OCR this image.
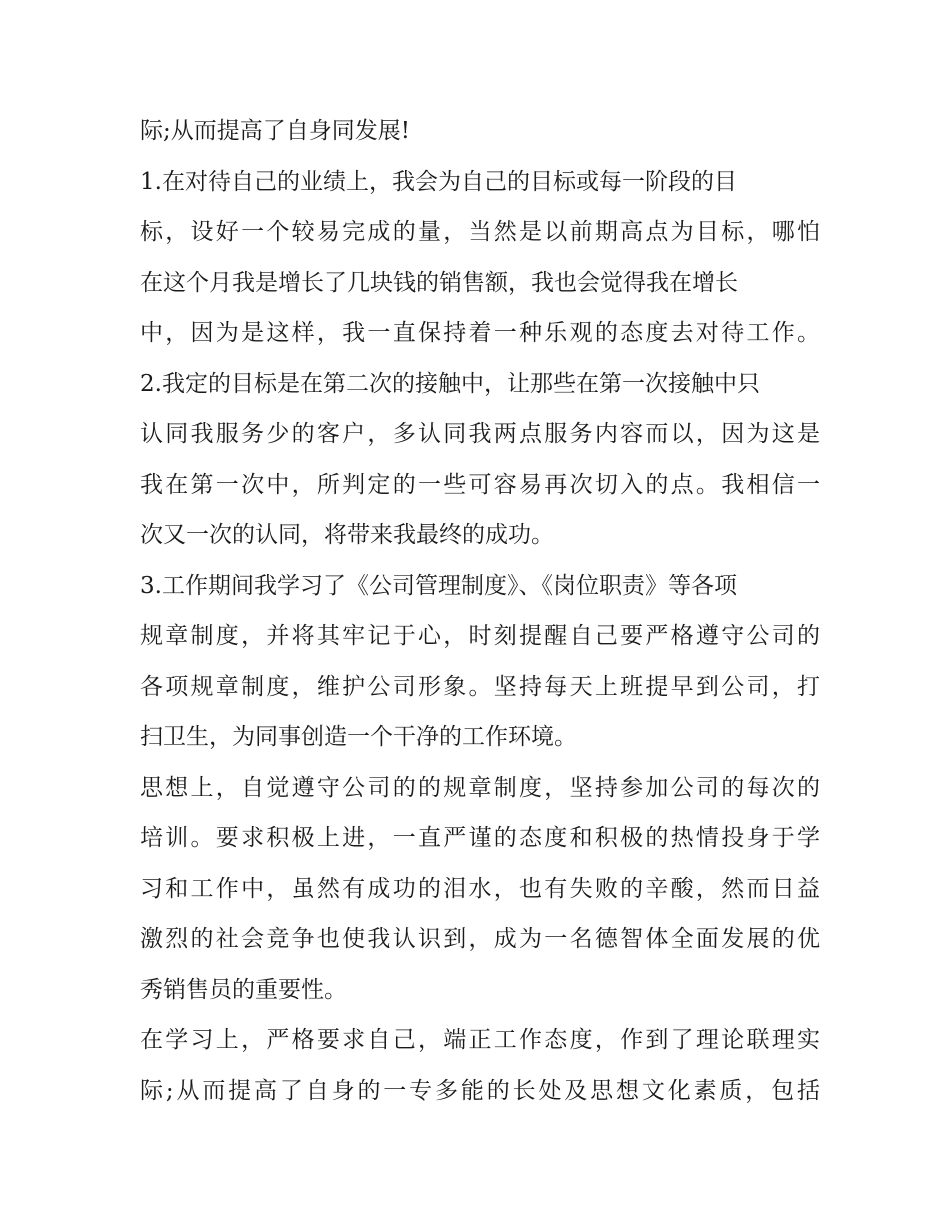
际;从而提高了自身同发展!
1.在对待自己的业绩上，我会为自己的目标或每一阶段的目
标，设好一个较易完成的量，当然是以前期高点为目标，哪怕
在这个月我是增长了几块钱的销售额，我也会觉得我在增长
中，因为是这样，我一直保持着一种乐观的态度去对待工作。
2.我定的目标是在第二次的接触中，让那些在第一次接触中只
认同我服务少的客户，多认同我两点服务内容而以，因为这是
我在第一次中，所判定的一些可容易再次切入的点。我相信一
次又一次的认同，将带来我最终的成功。
3.工作期间我学习了《公司管理制度》、《岗位职责》等各项
规章制度，并将其牢记于心，时刻提醒自己要严格遵守公司的
各项规章制度，维护公司形象。坚持每天上班提早到公司，打
扫卫生，为同事创造一个干净的工作环境。
思想上，自觉遵守公司的的规章制度，坚持参加公司的每次的
培训。要求积极上进，一直严谨的态度和积极的热情投身于学
习和工作中，虽然有成功的泪水，也有失败的辛酸，然而日益
激烈的社会竞争也使我认识到，成为一名德智体全面发展的优
秀销售员的重要性。
在学习上，严格要求自己，端正工作态度，作到了理论联理实
际;从而提高了自身的一专多能的长处及思想文化素质，包括
